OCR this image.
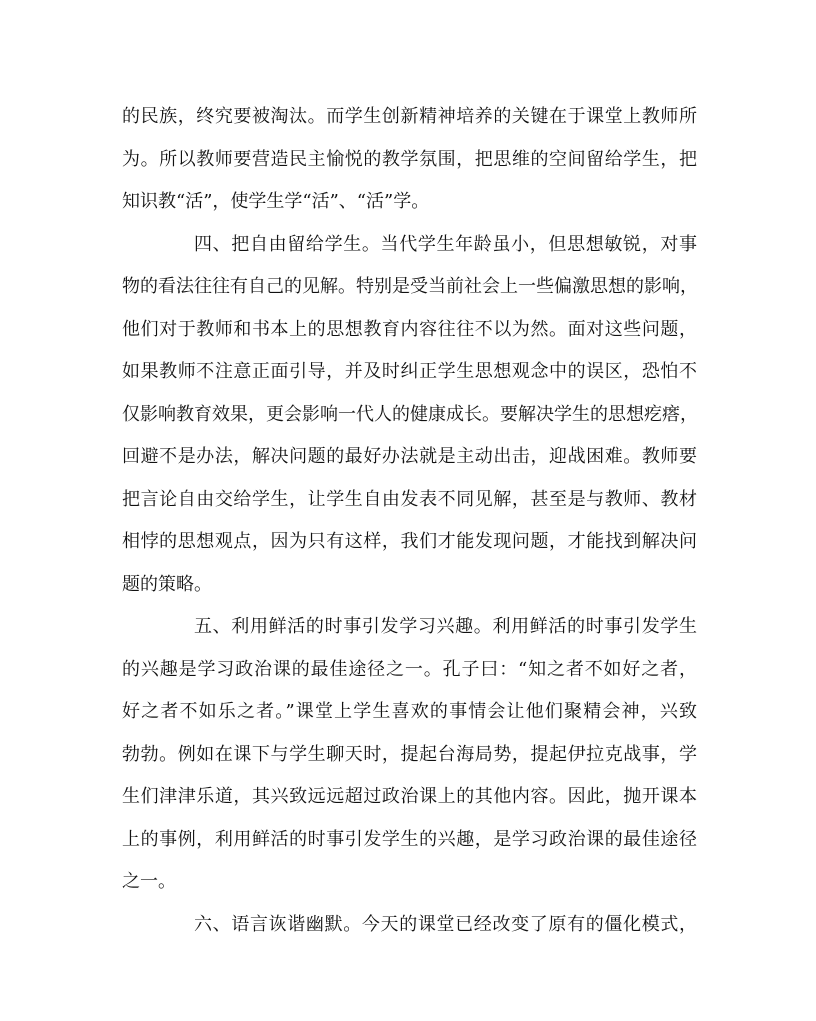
的民族，终究要被淘汰。而学生创新精神培养的关键在于课堂上教师所
为。所以教师要营造民主愉悦的教学氛围，把思维的空间留给学生，把
知识教“活”，使学生学“活”、“活”学。
四、把自由留给学生。当代学生年龄虽小，但思想敏锐，对事
物的看法往往有自己的见解。特别是受当前社会上一些偏激思想的影响，
他们对于教师和书本上的思想教育内容往往不以为然。面对这些问题，
如果教师不注意正面引导，并及时纠正学生思想观念中的误区，恐怕不
仅影响教育效果，更会影响一代人的健康成长。要解决学生的思想疙瘩，
回避不是办法，解决问题的最好办法就是主动出击，迎战困难。教师要
把言论自由交给学生，让学生自由发表不同见解，甚至是与教师、教材
相悖的思想观点，因为只有这样，我们才能发现问题，才能找到解决问
题的策略。
五、利用鲜活的时事引发学习兴趣。利用鲜活的时事引发学生
的兴趣是学习政治课的最佳途径之一。孔子曰：“知之者不如好之者，
好之者不如乐之者。”课堂上学生喜欢的事情会让他们聚精会神，兴致
勃勃。例如在课下与学生聊天时，提起台海局势，提起伊拉克战事，学
生们津津乐道，其兴致远远超过政治课上的其他内容。因此，抛开课本
上的事例，利用鲜活的时事引发学生的兴趣，是学习政治课的最佳途径
之一。
六、语言诙谐幽默。今天的课堂已经改变了原有的僵化模式，
